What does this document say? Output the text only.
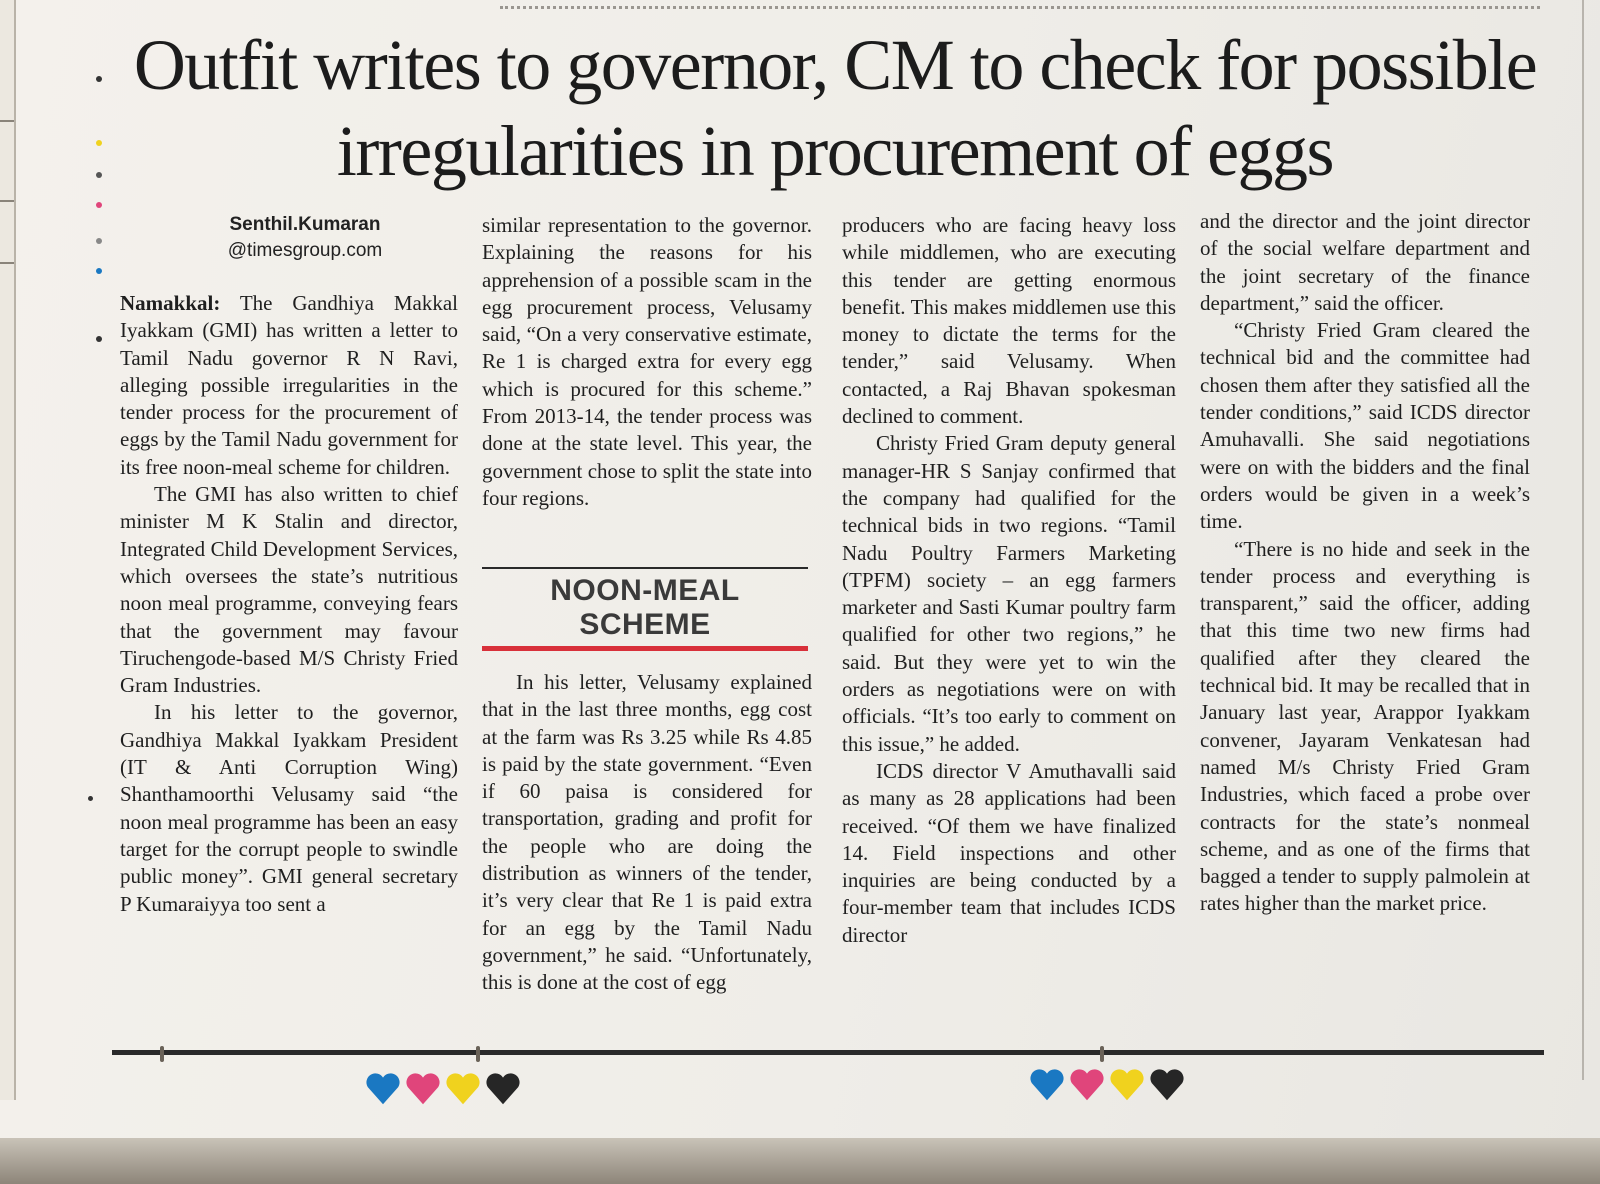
Outfit writes to governor, CM to check for possible irregularities in procurement of eggs
Senthil.Kumaran
@timesgroup.com

Namakkal: The Gandhiya Makkal Iyakkam (GMI) has written a letter to Tamil Nadu governor R N Ravi, alleging possible irregularities in the tender process for the procurement of eggs by the Tamil Nadu government for its free noon-meal scheme for children.

The GMI has also written to chief minister M K Stalin and director, Integrated Child Development Services, which oversees the state’s nutritious noon meal programme, conveying fears that the government may favour Tiruchengode-based M/S Christy Fried Gram Industries.

In his letter to the governor, Gandhiya Makkal Iyakkam President (IT & Anti Corruption Wing) Shanthamoorthi Velusamy said “the noon meal programme has been an easy target for the corrupt people to swindle public money”. GMI general secretary P Kumaraiyya too sent a

similar representation to the governor. Explaining the reasons for his apprehension of a possible scam in the egg procurement process, Velusamy said, “On a very conservative estimate, Re 1 is charged extra for every egg which is procured for this scheme.” From 2013-14, the tender process was done at the state level. This year, the government chose to split the state into four regions.

NOON-MEAL
SCHEME

In his letter, Velusamy explained that in the last three months, egg cost at the farm was Rs 3.25 while Rs 4.85 is paid by the state government. “Even if 60 paisa is considered for transportation, grading and profit for the people who are doing the distribution as winners of the tender, it’s very clear that Re 1 is paid extra for an egg by the Tamil Nadu government,” he said. “Unfortunately, this is done at the cost of egg

producers who are facing heavy loss while middlemen, who are executing this tender are getting enormous benefit. This makes middlemen use this money to dictate the terms for the tender,” said Velusamy. When contacted, a Raj Bhavan spokesman declined to comment.

Christy Fried Gram deputy general manager-HR S Sanjay confirmed that the company had qualified for the technical bids in two regions. “Tamil Nadu Poultry Farmers Marketing (TPFM) society – an egg farmers marketer and Sasti Kumar poultry farm qualified for other two regions,” he said. But they were yet to win the orders as negotiations were on with officials. “It’s too early to comment on this issue,” he added.

ICDS director V Amuthavalli said as many as 28 applications had been received. “Of them we have finalized 14. Field inspections and other inquiries are being conducted by a four-member team that includes ICDS director

and the director and the joint director of the social welfare department and the joint secretary of the finance department,” said the officer.

“Christy Fried Gram cleared the technical bid and the committee had chosen them after they satisfied all the tender conditions,” said ICDS director Amuhavalli. She said negotiations were on with the bidders and the final orders would be given in a week’s time.

“There is no hide and seek in the tender process and everything is transparent,” said the officer, adding that this time two new firms had qualified after they cleared the technical bid. It may be recalled that in January last year, Arappor Iyakkam convener, Jayaram Venkatesan had named M/s Christy Fried Gram Industries, which faced a probe over contracts for the state’s nonmeal scheme, and as one of the firms that bagged a tender to supply palmolein at rates higher than the market price.
